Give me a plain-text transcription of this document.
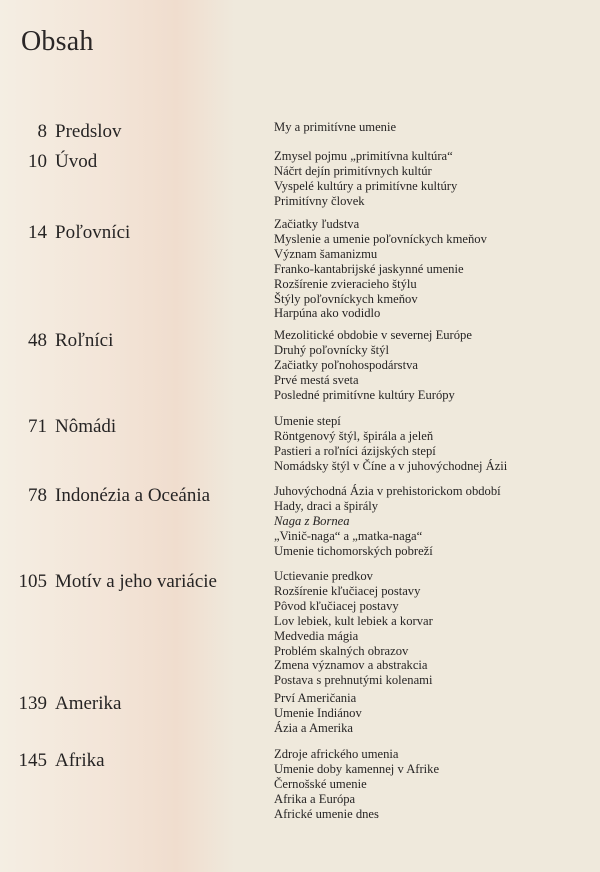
Obsah
8 Predslov	My a primitívne umenie
10 Úvod	Zmysel pojmu „primitívna kultúra“
Náčrt dejín primitívnych kultúr
Vyspelé kultúry a primitívne kultúry
Primitívny človek
14 Poľovníci	Začiatky ľudstva
Myslenie a umenie poľovníckych kmeňov
Význam šamanizmu
Franko-kantabrijské jaskynné umenie
Rozšírenie zvieracieho štýlu
Štýly poľovníckych kmeňov
Harpúna ako vodidlo
48 Roľníci	Mezolitické obdobie v severnej Európe
Druhý poľovnícky štýl
Začiatky poľnohospodárstva
Prvé mestá sveta
Posledné primitívne kultúry Európy
71 Nômádi	Umenie stepí
Röntgenový štýl, špirála a jeleň
Pastieri a roľníci ázijských stepí
Nomádsky štýl v Číne a v juhovýchodnej Ázii
78 Indonézia a Oceánia	Juhovýchodná Ázia v prehistorickom období
Hady, draci a špirály
Naga z Bornea
„Vinič-naga“ a „matka-naga“
Umenie tichomorských pobreží
105 Motív a jeho variácie	Uctievanie predkov
Rozšírenie kľučiacej postavy
Pôvod kľučiacej postavy
Lov lebiek, kult lebiek a korvar
Medvedia mágia
Problém skalných obrazov
Zmena významov a abstrakcia
Postava s prehnutými kolenami
139 Amerika	Prví Američania
Umenie Indiánov
Ázia a Amerika
145 Afrika	Zdroje afrického umenia
Umenie doby kamennej v Afrike
Černošské umenie
Afrika a Európa
Africké umenie dnes
